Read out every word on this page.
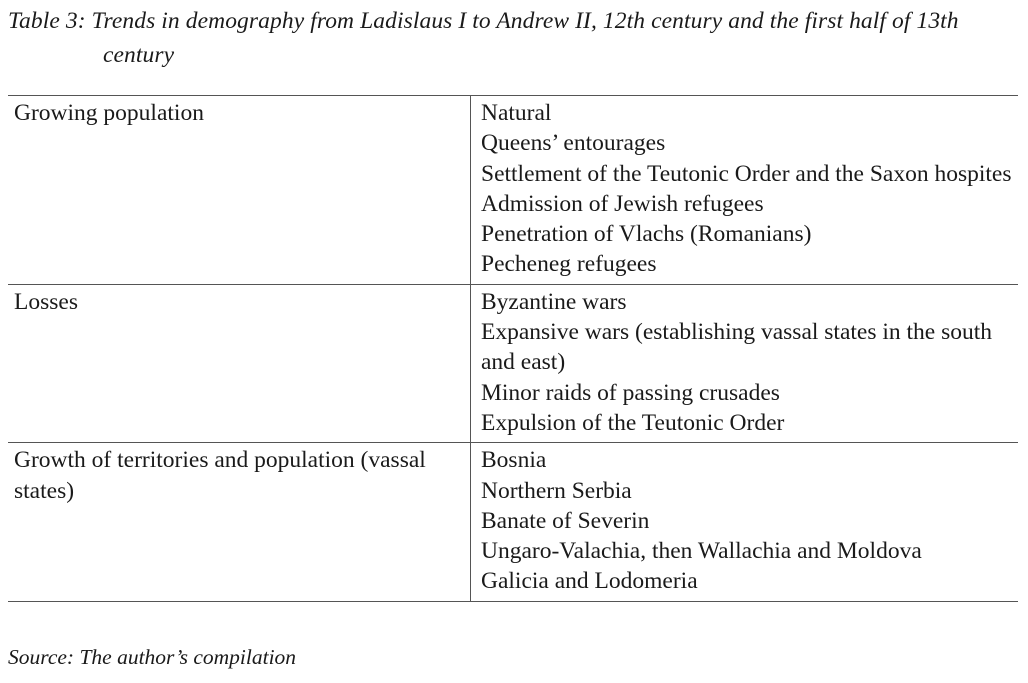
Table 3: Trends in demography from Ladislaus I to Andrew II, 12th century and the first half of 13th century
Growing population	Natural
Queens’ entourages
Settlement of the Teutonic Order and the Saxon hospites
Admission of Jewish refugees
Penetration of Vlachs (Romanians)
Pecheneg refugees
Losses	Byzantine wars
Expansive wars (establishing vassal states in the south and east)
Minor raids of passing crusades
Expulsion of the Teutonic Order
Growth of territories and population (vassal states)
Bosnia
Northern Serbia
Banate of Severin
Ungaro-Valachia, then Wallachia and Moldova
Galicia and Lodomeria
Source: The author’s compilation
